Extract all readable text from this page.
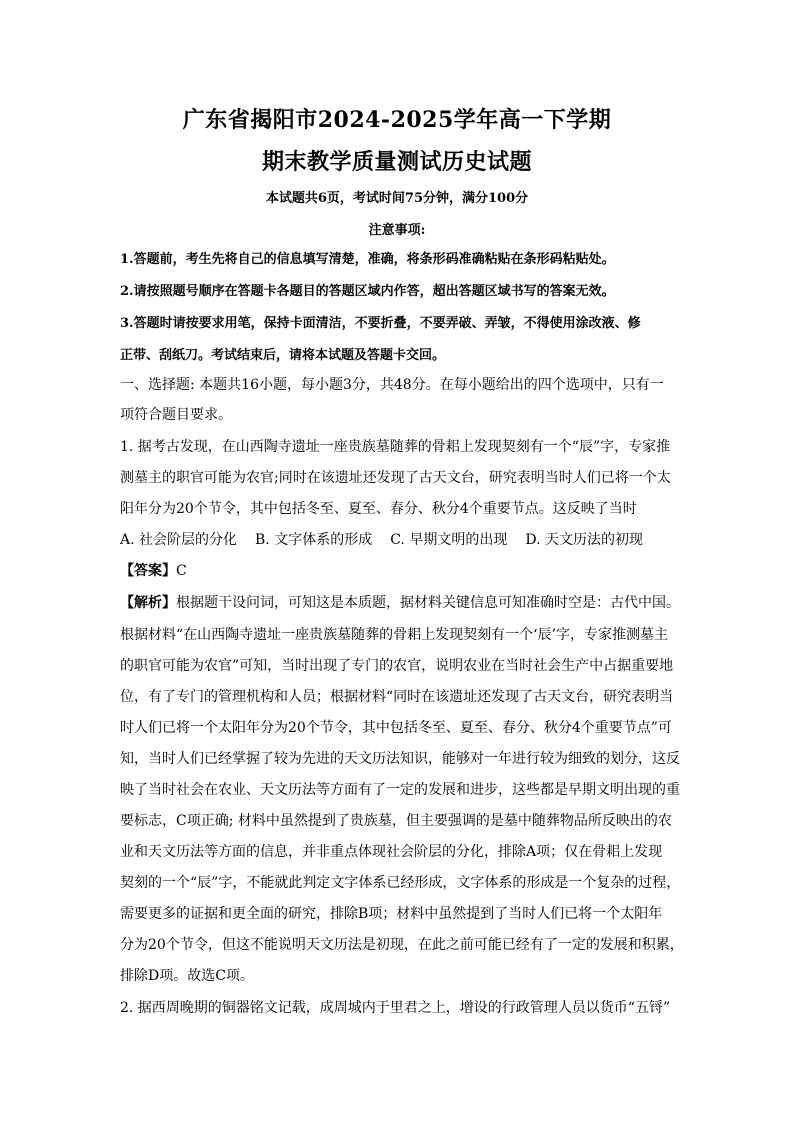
广东省揭阳市2024-2025学年高一下学期
期末教学质量测试历史试题
本试题共6页，考试时间75分钟，满分100分
注意事项:
1.答题前，考生先将自己的信息填写清楚，准确，将条形码准确粘贴在条形码粘贴处。
2.请按照题号顺序在答题卡各题目的答题区域内作答，超出答题区域书写的答案无效。
3.答题时请按要求用笔，保持卡面清洁，不要折叠，不要弄破、弄皱，不得使用涂改液、修
正带、刮纸刀。考试结束后，请将本试题及答题卡交回。
一、选择题: 本题共16小题，每小题3分，共48分。在每小题给出的四个选项中，只有一
项符合题目要求。
1. 据考古发现，在山西陶寺遗址一座贵族墓随葬的骨耜上发现契刻有一个“辰”字，专家推
测墓主的职官可能为农官;同时在该遗址还发现了古天文台，研究表明当时人们已将一个太
阳年分为20个节令，其中包括冬至、夏至、春分、秋分4个重要节点。这反映了当时
A. 社会阶层的分化 B. 文字体系的形成 C. 早期文明的出现 D. 天文历法的初现
【答案】C
【解析】根据题干设问词，可知这是本质题，据材料关键信息可知准确时空是：古代中国。
根据材料“在山西陶寺遗址一座贵族墓随葬的骨耜上发现契刻有一个‘辰’字，专家推测墓主
的职官可能为农官”可知，当时出现了专门的农官，说明农业在当时社会生产中占据重要地
位，有了专门的管理机构和人员；根据材料“同时在该遗址还发现了古天文台，研究表明当
时人们已将一个太阳年分为20个节令，其中包括冬至、夏至、春分、秋分4个重要节点”可
知，当时人们已经掌握了较为先进的天文历法知识，能够对一年进行较为细致的划分，这反
映了当时社会在农业、天文历法等方面有了一定的发展和进步，这些都是早期文明出现的重
要标志，C项正确; 材料中虽然提到了贵族墓，但主要强调的是墓中随葬物品所反映出的农
业和天文历法等方面的信息，并非重点体现社会阶层的分化，排除A项；仅在骨耜上发现
契刻的一个“辰”字，不能就此判定文字体系已经形成，文字体系的形成是一个复杂的过程，
需要更多的证据和更全面的研究，排除B项；材料中虽然提到了当时人们已将一个太阳年
分为20个节令，但这不能说明天文历法是初现，在此之前可能已经有了一定的发展和积累，
排除D项。故选C项。
2. 据西周晚期的铜器铭文记载，成周城内于里君之上，增设的行政管理人员以货币“五锊”
